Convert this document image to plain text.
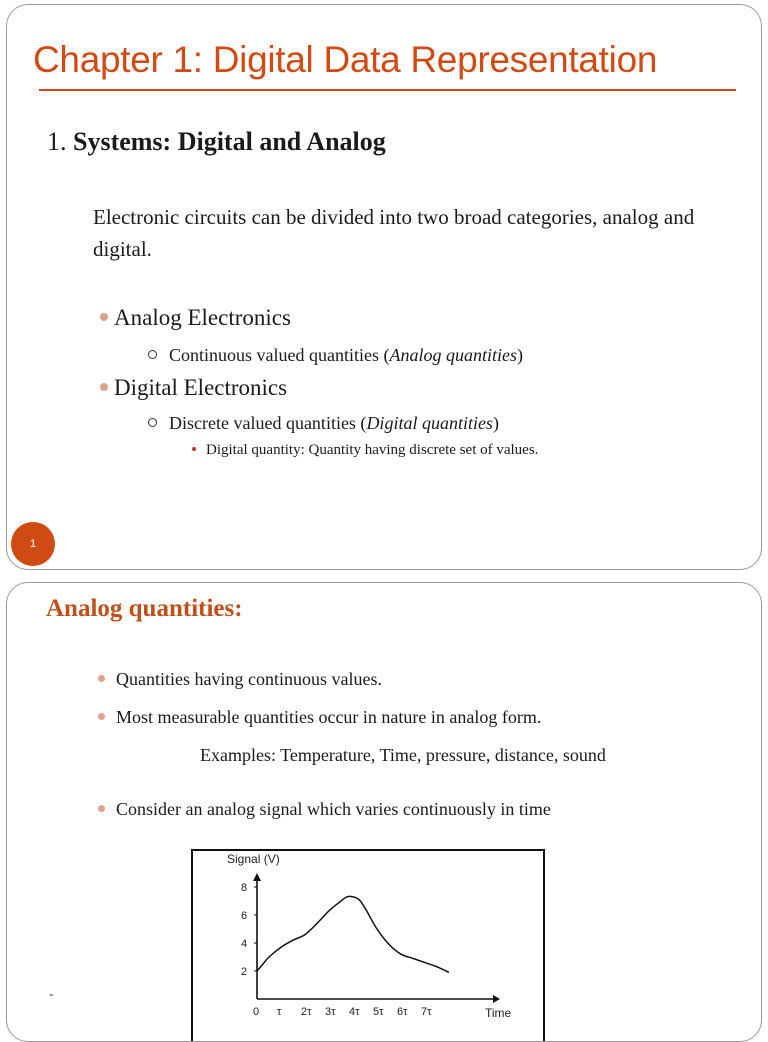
Chapter 1: Digital Data Representation
1. Systems: Digital and Analog
Electronic circuits can be divided into two broad categories, analog and digital.
Analog Electronics
Continuous valued quantities (Analog quantities)
Digital Electronics
Discrete valued quantities (Digital quantities)
Digital quantity: Quantity having discrete set of values.
1
Analog quantities:
Quantities having continuous values.
Most measurable quantities occur in nature in analog form.
Examples: Temperature, Time, pressure, distance, sound
Consider an analog signal which varies continuously in time
Signal (V)
Time
2
4
6
8
0 τ 2τ 3τ 4τ 5τ 6τ 7τ
-
